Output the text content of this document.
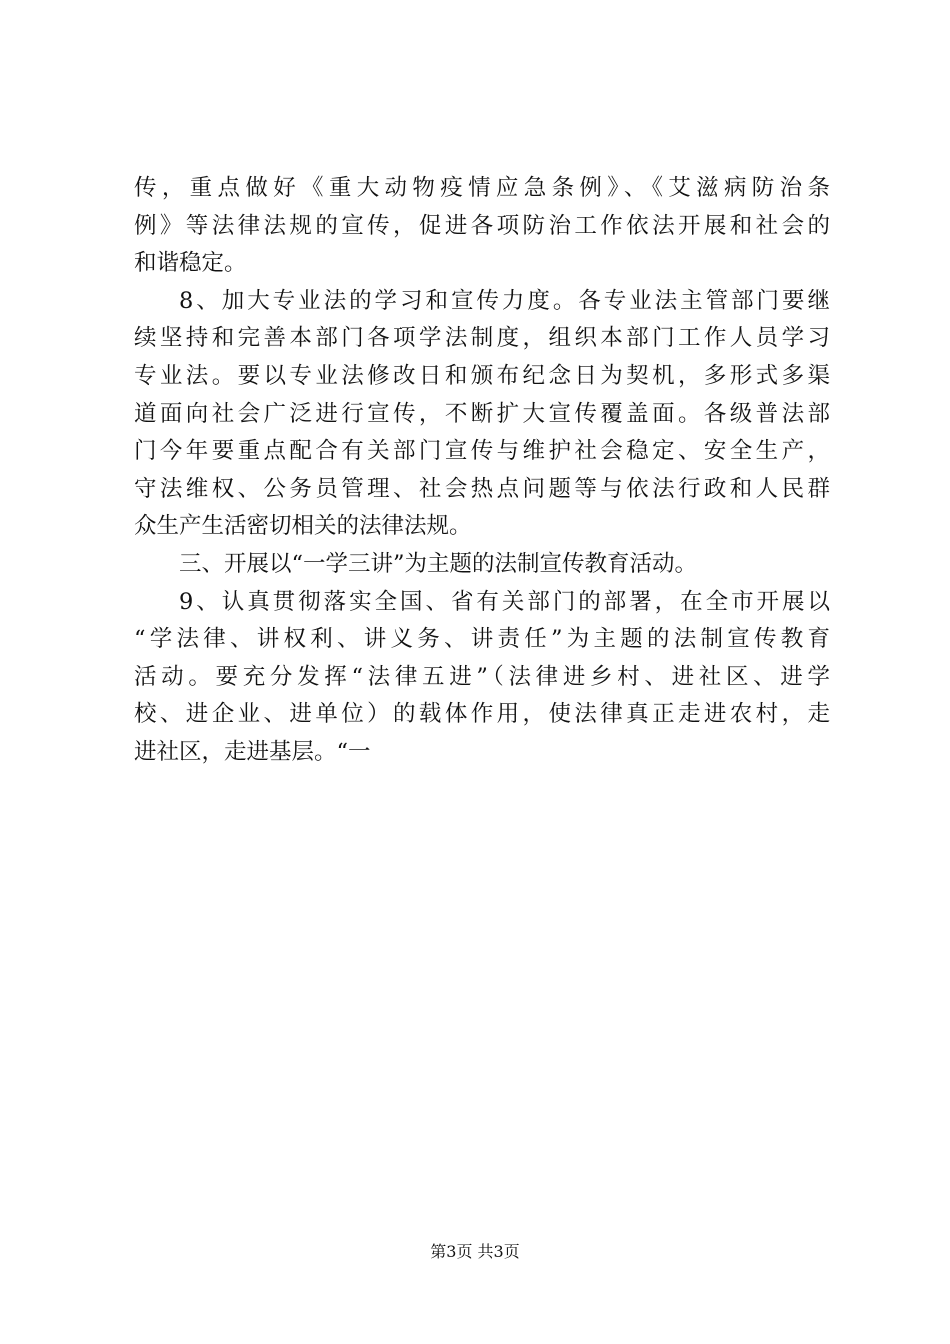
传，重点做好《重大动物疫情应急条例》、《艾滋病防治条
例》等法律法规的宣传，促进各项防治工作依法开展和社会的
和谐稳定。
8、加大专业法的学习和宣传力度。各专业法主管部门要继
续坚持和完善本部门各项学法制度，组织本部门工作人员学习
专业法。要以专业法修改日和颁布纪念日为契机，多形式多渠
道面向社会广泛进行宣传，不断扩大宣传覆盖面。各级普法部
门今年要重点配合有关部门宣传与维护社会稳定、安全生产，
守法维权、公务员管理、社会热点问题等与依法行政和人民群
众生产生活密切相关的法律法规。
三、开展以“一学三讲”为主题的法制宣传教育活动。
9、认真贯彻落实全国、省有关部门的部署，在全市开展以
“学法律、讲权利、讲义务、讲责任”为主题的法制宣传教育
活动。要充分发挥“法律五进”（法律进乡村、进社区、进学
校、进企业、进单位）的载体作用，使法律真正走进农村，走
进社区，走进基层。“一
第3页 共3页
